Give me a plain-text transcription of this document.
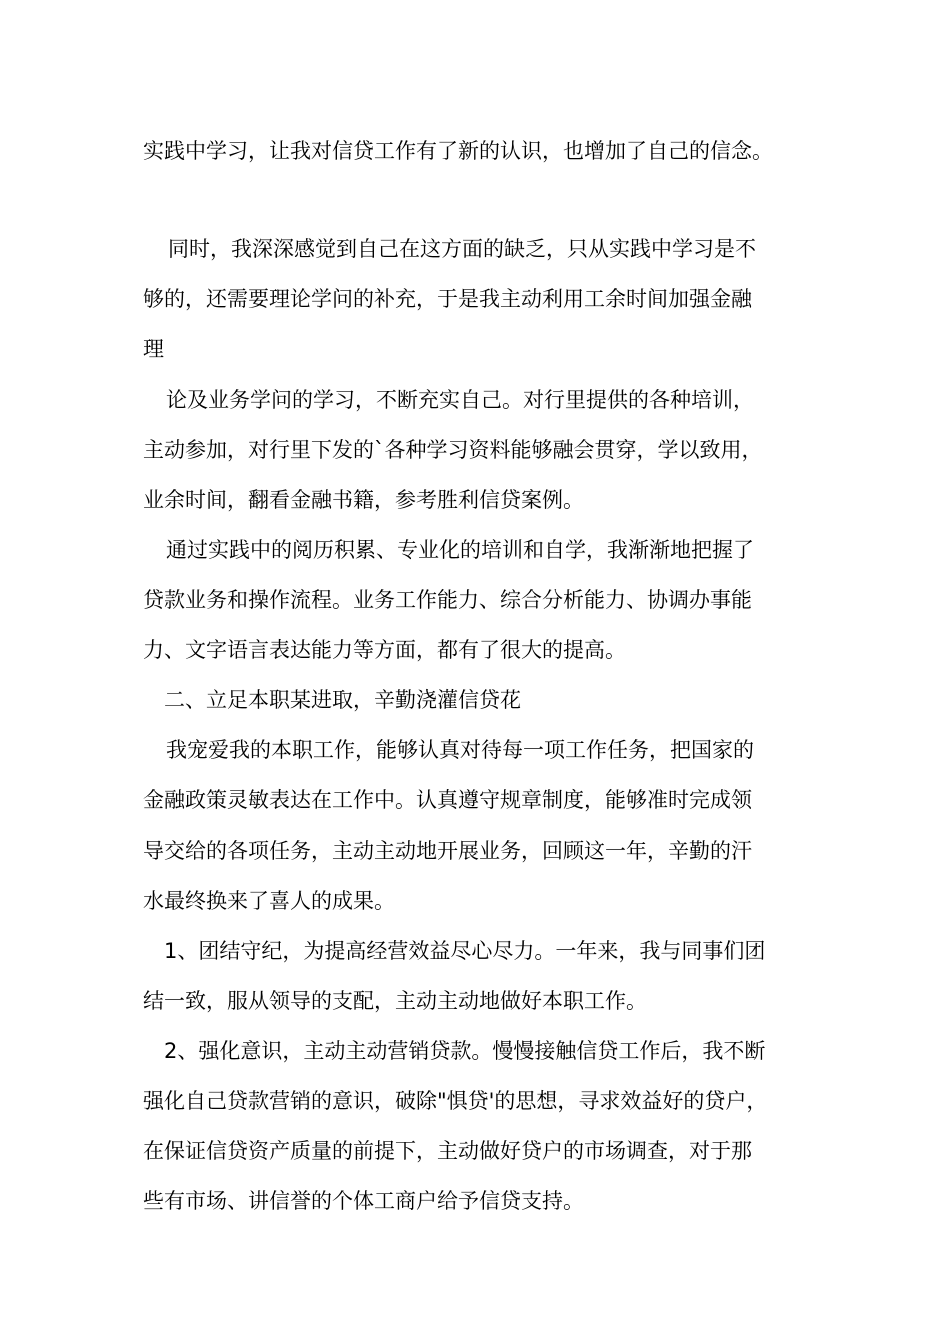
实践中学习，让我对信贷工作有了新的认识，也增加了自己的信念。
同时，我深深感觉到自己在这方面的缺乏，只从实践中学习是不
够的，还需要理论学问的补充，于是我主动利用工余时间加强金融
理
论及业务学问的学习，不断充实自己。对行里提供的各种培训，
主动参加，对行里下发的`各种学习资料能够融会贯穿，学以致用，
业余时间，翻看金融书籍，参考胜利信贷案例。
通过实践中的阅历积累、专业化的培训和自学，我渐渐地把握了
贷款业务和操作流程。业务工作能力、综合分析能力、协调办事能
力、文字语言表达能力等方面，都有了很大的提高。
二、立足本职某进取，辛勤浇灌信贷花
我宠爱我的本职工作，能够认真对待每一项工作任务，把国家的
金融政策灵敏表达在工作中。认真遵守规章制度，能够准时完成领
导交给的各项任务，主动主动地开展业务，回顾这一年，辛勤的汗
水最终换来了喜人的成果。
1、团结守纪，为提高经营效益尽心尽力。一年来，我与同事们团
结一致，服从领导的支配，主动主动地做好本职工作。
2、强化意识，主动主动营销贷款。慢慢接触信贷工作后，我不断
强化自己贷款营销的意识，破除"惧贷'的思想，寻求效益好的贷户，
在保证信贷资产质量的前提下，主动做好贷户的市场调查，对于那
些有市场、讲信誉的个体工商户给予信贷支持。
